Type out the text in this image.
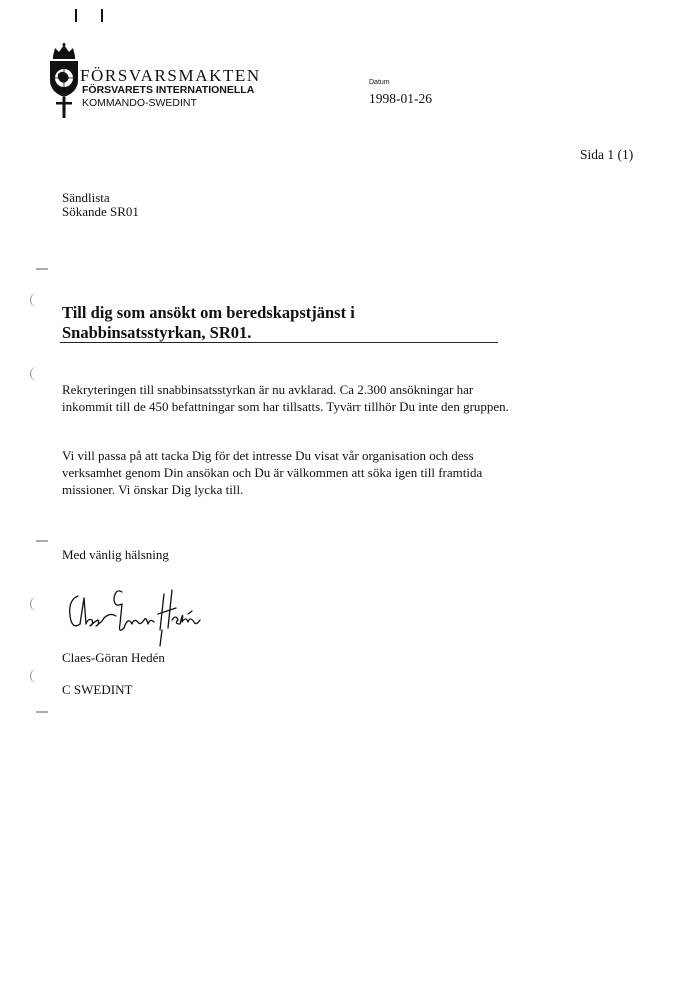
FÖRSVARSMAKTEN
FÖRSVARETS INTERNATIONELLA
KOMMANDO-SWEDINT
Datum
1998-01-26
Sida 1 (1)
Sändlista
Sökande SR01
Till dig som ansökt om beredskapstjänst i
Snabbinsatsstyrkan, SR01.

Rekryteringen till snabbinsatsstyrkan är nu avklarad. Ca 2.300 ansökningar har inkommit till de 450 befattningar som har tillsatts. Tyvärr tillhör Du inte den gruppen.

Vi vill passa på att tacka Dig för det intresse Du visat vår organisation och dess verksamhet genom Din ansökan och Du är välkommen att söka igen till framtida missioner. Vi önskar Dig lycka till.

Med vänlig hälsning
Claes-Göran Hedén
C SWEDINT
